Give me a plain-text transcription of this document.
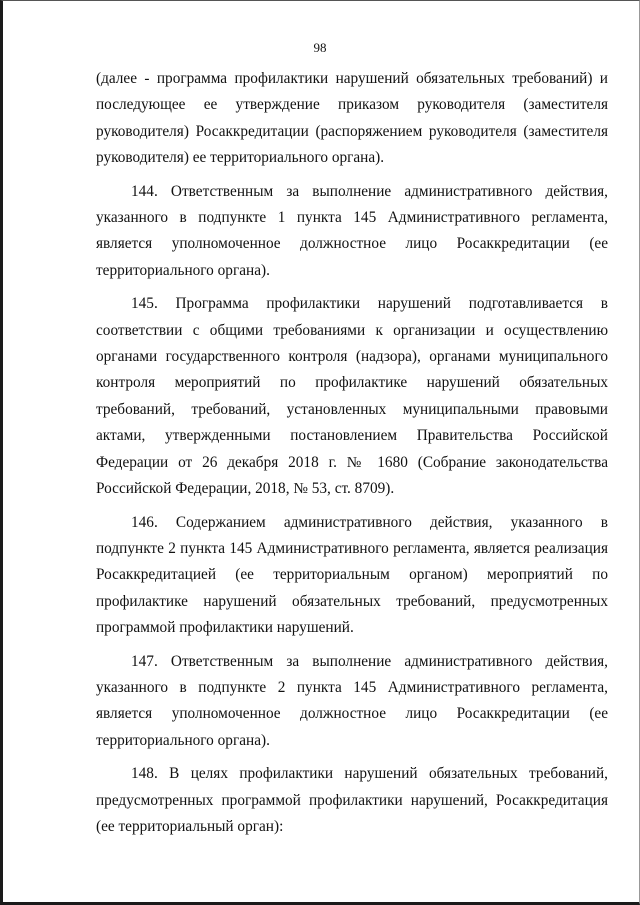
98

(далее - программа профилактики нарушений обязательных требований) и последующее ее утверждение приказом руководителя (заместителя руководителя) Росаккредитации (распоряжением руководителя (заместителя руководителя) ее территориального органа).

144. Ответственным за выполнение административного действия, указанного в подпункте 1 пункта 145 Административного регламента, является уполномоченное должностное лицо Росаккредитации (ее территориального органа).

145. Программа профилактики нарушений подготавливается в соответствии с общими требованиями к организации и осуществлению органами государственного контроля (надзора), органами муниципального контроля мероприятий по профилактике нарушений обязательных требований, требований, установленных муниципальными правовыми актами, утвержденными постановлением Правительства Российской Федерации от 26 декабря 2018 г. № 1680 (Собрание законодательства Российской Федерации, 2018, № 53, ст. 8709).

146. Содержанием административного действия, указанного в подпункте 2 пункта 145 Административного регламента, является реализация Росаккредитацией (ее территориальным органом) мероприятий по профилактике нарушений обязательных требований, предусмотренных программой профилактики нарушений.

147. Ответственным за выполнение административного действия, указанного в подпункте 2 пункта 145 Административного регламента, является уполномоченное должностное лицо Росаккредитации (ее территориального органа).

148. В целях профилактики нарушений обязательных требований, предусмотренных программой профилактики нарушений, Росаккредитация (ее территориальный орган):
